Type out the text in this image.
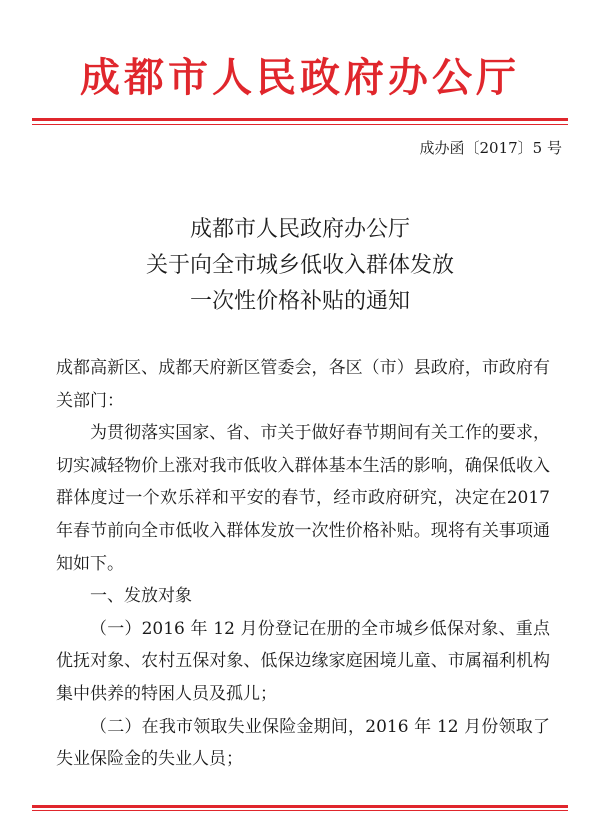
成都市人民政府办公厅
成办函〔2017〕5 号
成都市人民政府办公厅
关于向全市城乡低收入群体发放
一次性价格补贴的通知

成都高新区、成都天府新区管委会，各区（市）县政府，市政府有关部门：

为贯彻落实国家、省、市关于做好春节期间有关工作的要求，切实减轻物价上涨对我市低收入群体基本生活的影响，确保低收入群体度过一个欢乐祥和平安的春节，经市政府研究，决定在2017 年春节前向全市低收入群体发放一次性价格补贴。现将有关事项通知如下。

一、发放对象

（一）2016 年 12 月份登记在册的全市城乡低保对象、重点优抚对象、农村五保对象、低保边缘家庭困境儿童、市属福利机构集中供养的特困人员及孤儿；

（二）在我市领取失业保险金期间，2016 年 12 月份领取了失业保险金的失业人员；
